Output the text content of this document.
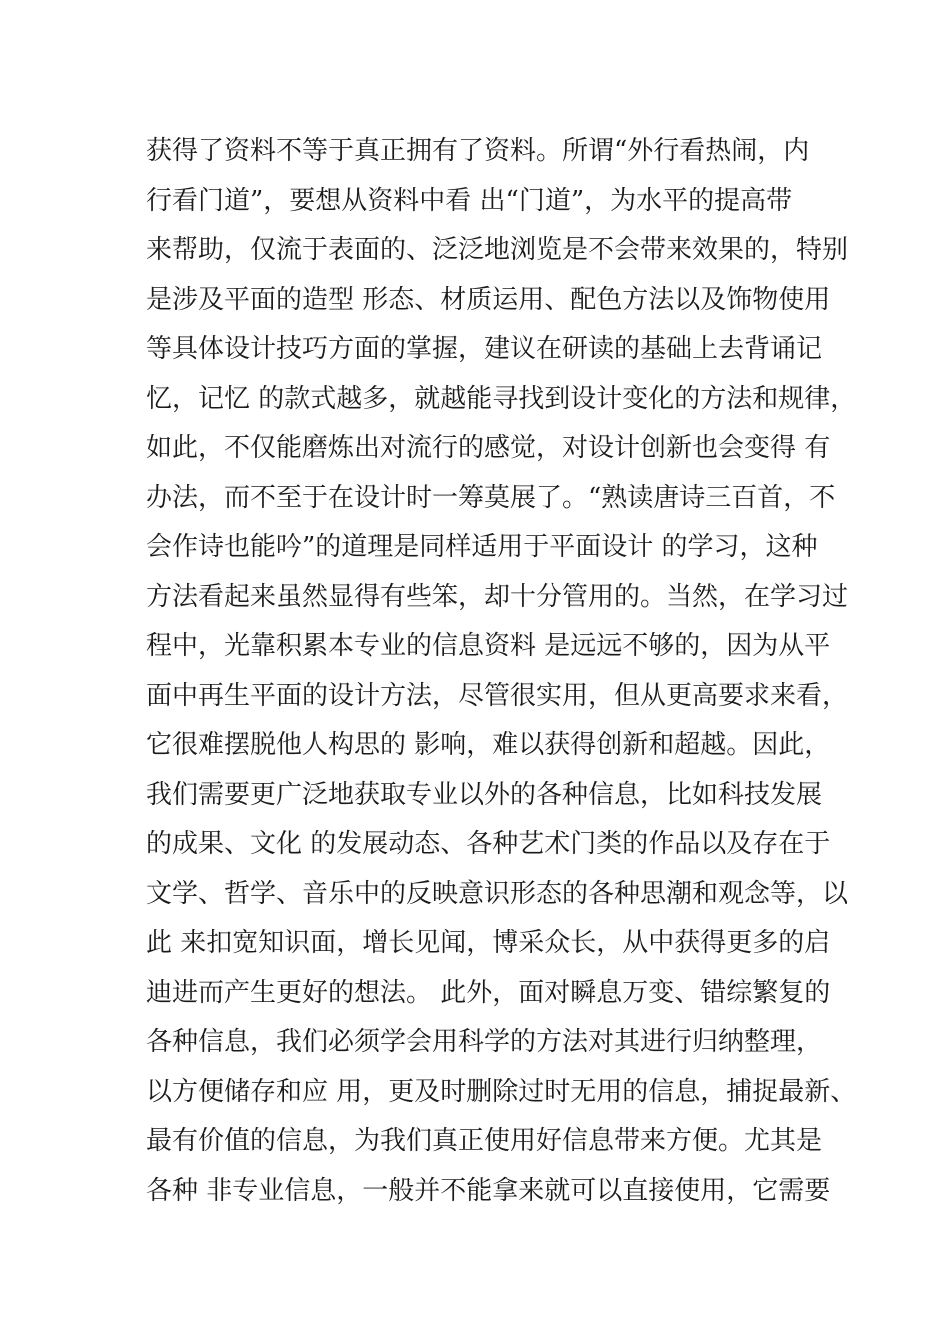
获得了资料不等于真正拥有了资料。所谓“外行看热闹，内
行看门道”，要想从资料中看 出“门道”，为水平的提高带
来帮助，仅流于表面的、泛泛地浏览是不会带来效果的，特别
是涉及平面的造型 形态、材质运用、配色方法以及饰物使用
等具体设计技巧方面的掌握，建议在研读的基础上去背诵记
忆，记忆 的款式越多，就越能寻找到设计变化的方法和规律，
如此，不仅能磨炼出对流行的感觉，对设计创新也会变得 有
办法，而不至于在设计时一筹莫展了。“熟读唐诗三百首，不
会作诗也能吟”的道理是同样适用于平面设计 的学习，这种
方法看起来虽然显得有些笨，却十分管用的。当然，在学习过
程中，光靠积累本专业的信息资料 是远远不够的，因为从平
面中再生平面的设计方法，尽管很实用，但从更高要求来看，
它很难摆脱他人构思的 影响，难以获得创新和超越。因此，
我们需要更广泛地获取专业以外的各种信息，比如科技发展
的成果、文化 的发展动态、各种艺术门类的作品以及存在于
文学、哲学、音乐中的反映意识形态的各种思潮和观念等，以
此 来扣宽知识面，增长见闻，博采众长，从中获得更多的启
迪进而产生更好的想法。 此外，面对瞬息万变、错综繁复的
各种信息，我们必须学会用科学的方法对其进行归纳整理，
以方便储存和应 用，更及时删除过时无用的信息，捕捉最新、
最有价值的信息，为我们真正使用好信息带来方便。尤其是
各种 非专业信息，一般并不能拿来就可以直接使用，它需要
